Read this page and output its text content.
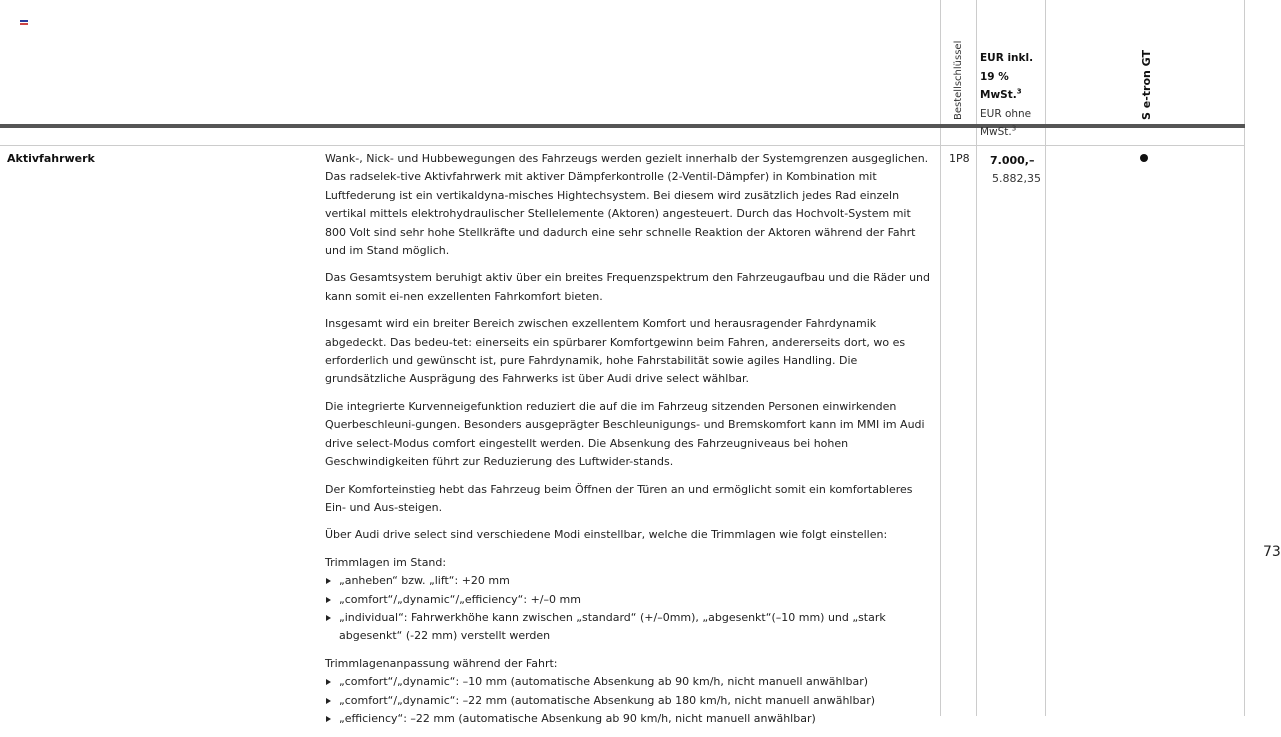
Bestellschlüssel EUR inkl. 19 % MwSt.$^3$
EUR ohne MwSt.$^3$
S e-tron GT
Aktivfahrwerk	1P8 7.000,–
5.882,35

Wank-, Nick- und Hubbewegungen des Fahrzeugs werden gezielt innerhalb der Systemgrenzen ausgeglichen. Das radselek-tive Aktivfahrwerk mit aktiver Dämpferkontrolle (2-Ventil-Dämpfer) in Kombination mit Luftfederung ist ein vertikaldyna-misches Hightechsystem. Bei diesem wird zusätzlich jedes Rad einzeln vertikal mittels elektrohydraulischer Stellelemente (Aktoren) angesteuert. Durch das Hochvolt-System mit 800 Volt sind sehr hohe Stellkräfte und dadurch eine sehr schnelle Reaktion der Aktoren während der Fahrt und im Stand möglich.

Das Gesamtsystem beruhigt aktiv über ein breites Frequenzspektrum den Fahrzeugaufbau und die Räder und kann somit ei-nen exzellenten Fahrkomfort bieten.

Insgesamt wird ein breiter Bereich zwischen exzellentem Komfort und herausragender Fahrdynamik abgedeckt. Das bedeu-tet: einerseits ein spürbarer Komfortgewinn beim Fahren, andererseits dort, wo es erforderlich und gewünscht ist, pure Fahrdynamik, hohe Fahrstabilität sowie agiles Handling. Die grundsätzliche Ausprägung des Fahrwerks ist über Audi drive select wählbar.

Die integrierte Kurvenneigefunktion reduziert die auf die im Fahrzeug sitzenden Personen einwirkenden Querbeschleuni-gungen. Besonders ausgeprägter Beschleunigungs- und Bremskomfort kann im MMI im Audi drive select-Modus comfort eingestellt werden. Die Absenkung des Fahrzeugniveaus bei hohen Geschwindigkeiten führt zur Reduzierung des Luftwider-stands.

Der Komforteinstieg hebt das Fahrzeug beim Öffnen der Türen an und ermöglicht somit ein komfortableres Ein- und Aus-steigen.

Über Audi drive select sind verschiedene Modi einstellbar, welche die Trimmlagen wie folgt einstellen:

Trimmlagen im Stand:
„anheben“ bzw. „lift“: +20 mm
„comfort“/„dynamic“/„efficiency“: +/–0 mm
„individual“: Fahrwerkhöhe kann zwischen „standard“ (+/–0mm), „abgesenkt“(–10 mm) und „stark abgesenkt“ (-22 mm) verstellt werden
Trimmlagenanpassung während der Fahrt:
„comfort“/„dynamic“: –10 mm (automatische Absenkung ab 90 km/h, nicht manuell anwählbar)
„comfort“/„dynamic“: –22 mm (automatische Absenkung ab 180 km/h, nicht manuell anwählbar)
„efficiency“: –22 mm (automatische Absenkung ab 90 km/h, nicht manuell anwählbar)
73
